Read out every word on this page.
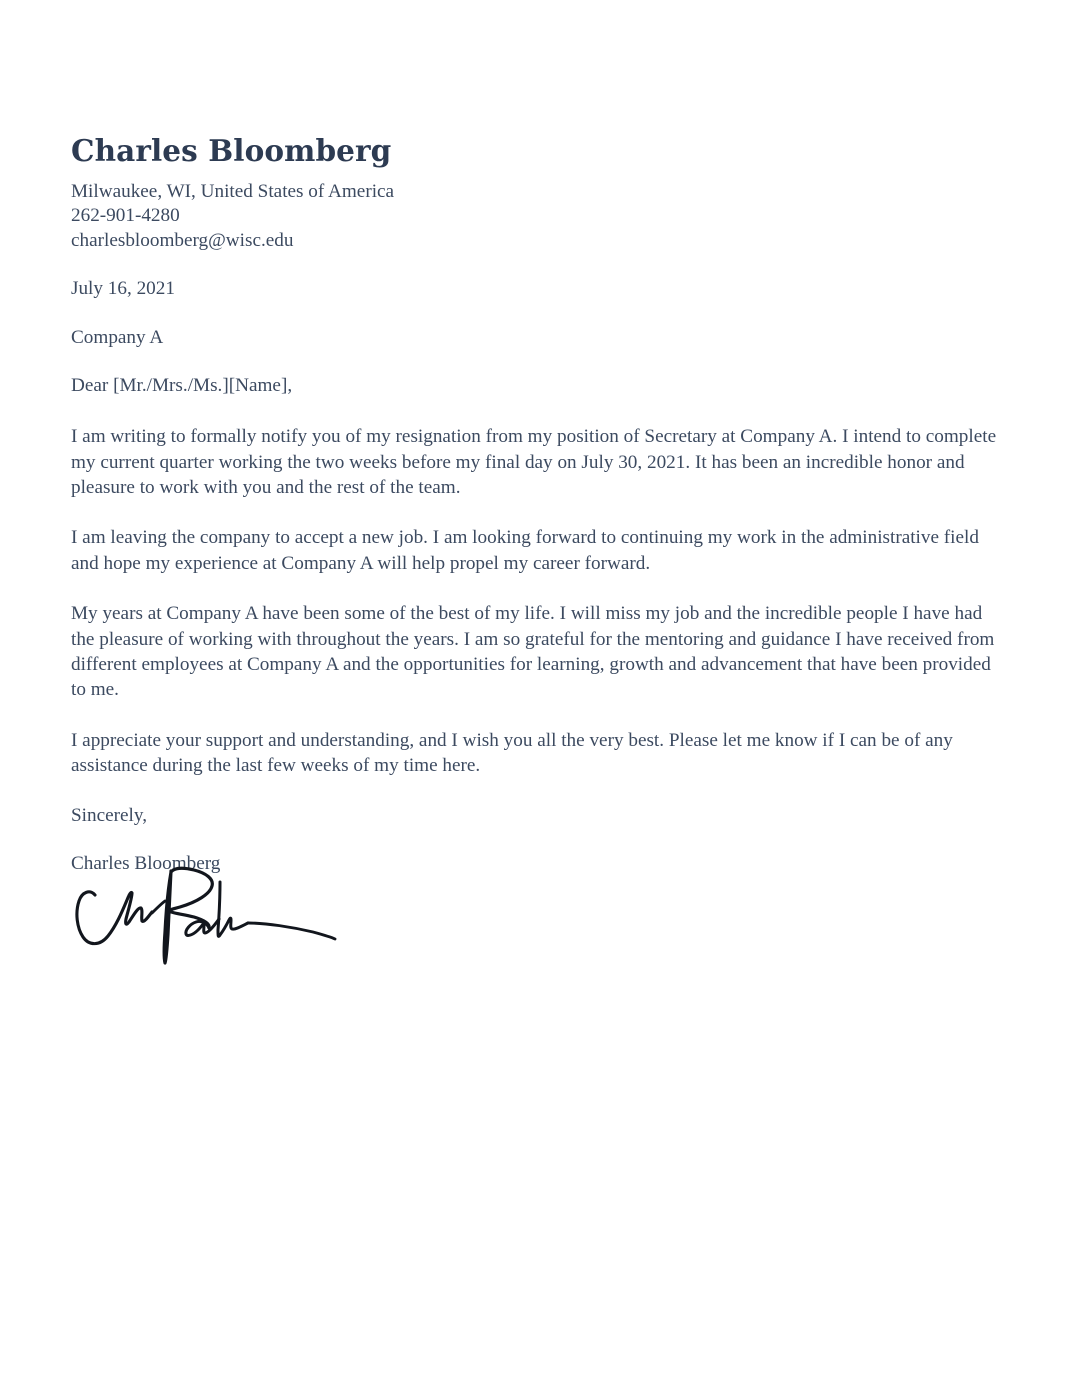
Charles Bloomberg

Milwaukee, WI, United States of America

262-901-4280

charlesbloomberg@wisc.edu

July 16, 2021

Company A

Dear [Mr./Mrs./Ms.][Name],

I am writing to formally notify you of my resignation from my position of Secretary at Company A. I intend to complete my current quarter working the two weeks before my final day on July 30, 2021. It has been an incredible honor and pleasure to work with you and the rest of the team.

I am leaving the company to accept a new job. I am looking forward to continuing my work in the administrative field and hope my experience at Company A will help propel my career forward.

My years at Company A have been some of the best of my life. I will miss my job and the incredible people I have had the pleasure of working with throughout the years. I am so grateful for the mentoring and guidance I have received from different employees at Company A and the opportunities for learning, growth and advancement that have been provided to me.

I appreciate your support and understanding, and I wish you all the very best. Please let me know if I can be of any assistance during the last few weeks of my time here.

Sincerely,

Charles Bloomberg
